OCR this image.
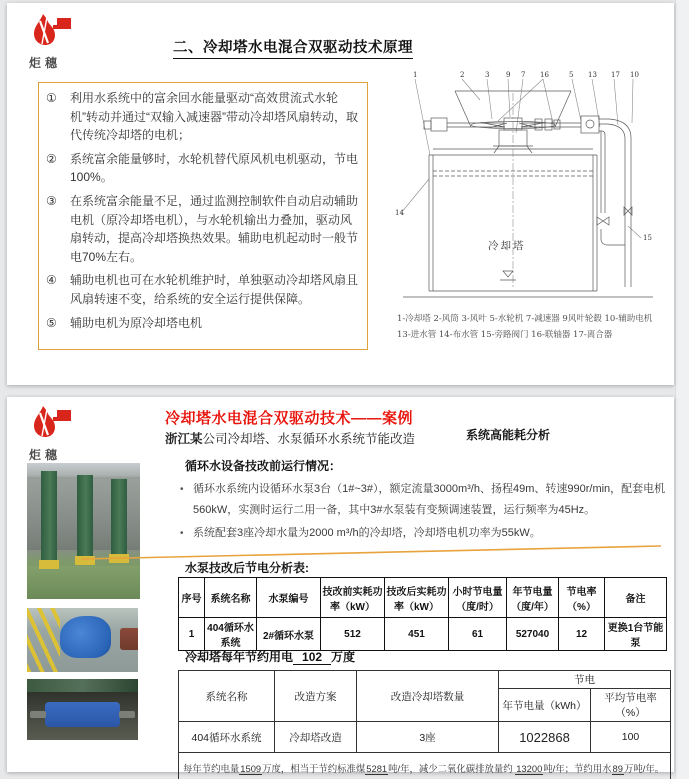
炬穗
二、冷却塔水电混合双驱动技术原理
①	利用水系统中的富余回水能量驱动“高效贯流式水轮机”转动并通过“双输入减速器”带动冷却塔风扇转动，取代传统冷却塔的电机；
②	系统富余能量够时，水轮机替代原风机电机驱动，节电100%。
③	在系统富余能量不足，通过监测控制软件自动启动辅助电机（原冷却塔电机），与水轮机输出力叠加，驱动风扇转动，提高冷却塔换热效果。辅助电机起动时一般节电70%左右。
④	辅助电机也可在水轮机维护时，单独驱动冷却塔风扇且风扇转速不变，给系统的安全运行提供保障。
⑤	辅助电机为原冷却塔电机
1	2	3 9 7 16	5 13 17 10
14
15
冷却塔
1-冷却塔 2-风筒 3-风叶 5-水轮机 7-减速器 9风叶轮毂 10-辅助电机
13-进水管 14-布水管 15-旁路阀门 16-联轴器 17-离合器
炬穗
冷却塔水电混合双驱动技术——案例
系统高能耗分析
浙江某公司冷却塔、水泵循环水系统节能改造
循环水设备技改前运行情况：
• 循环水系统内设循环水泵3台（1#~3#），额定流量3000m³/h、扬程49m、转速990r/min，配套电机560kW，实测时运行二用一备，其中3#水泵装有变频调速装置，运行频率为45Hz。
• 系统配套3座冷却水量为2000 m³/h的冷却塔，冷却塔电机功率为55kW。
水泵技改后节电分析表:
序号	系统名称	水泵编号	技改前实耗功率（kW）	技改后实耗功率（kW）	小时节电量（度/时）	年节电量（度/年）	节电率（%）	备注
1	404循环水系统	2#循环水泵	512	451	61	527040	12	更换1台节能泵
冷却塔每年节约用电 102 万度
系统名称	改造方案	改造冷却塔数量	节电	
			年节电量（kWh）	平均节电率（%）
404循环水系统	冷却塔改造	3座	1022868	100
每年节约电量1509万度，相当于节约标准煤5281吨/年，减少二氧化碳排放量约 13200吨/年；节约用水89万吨/年。				
